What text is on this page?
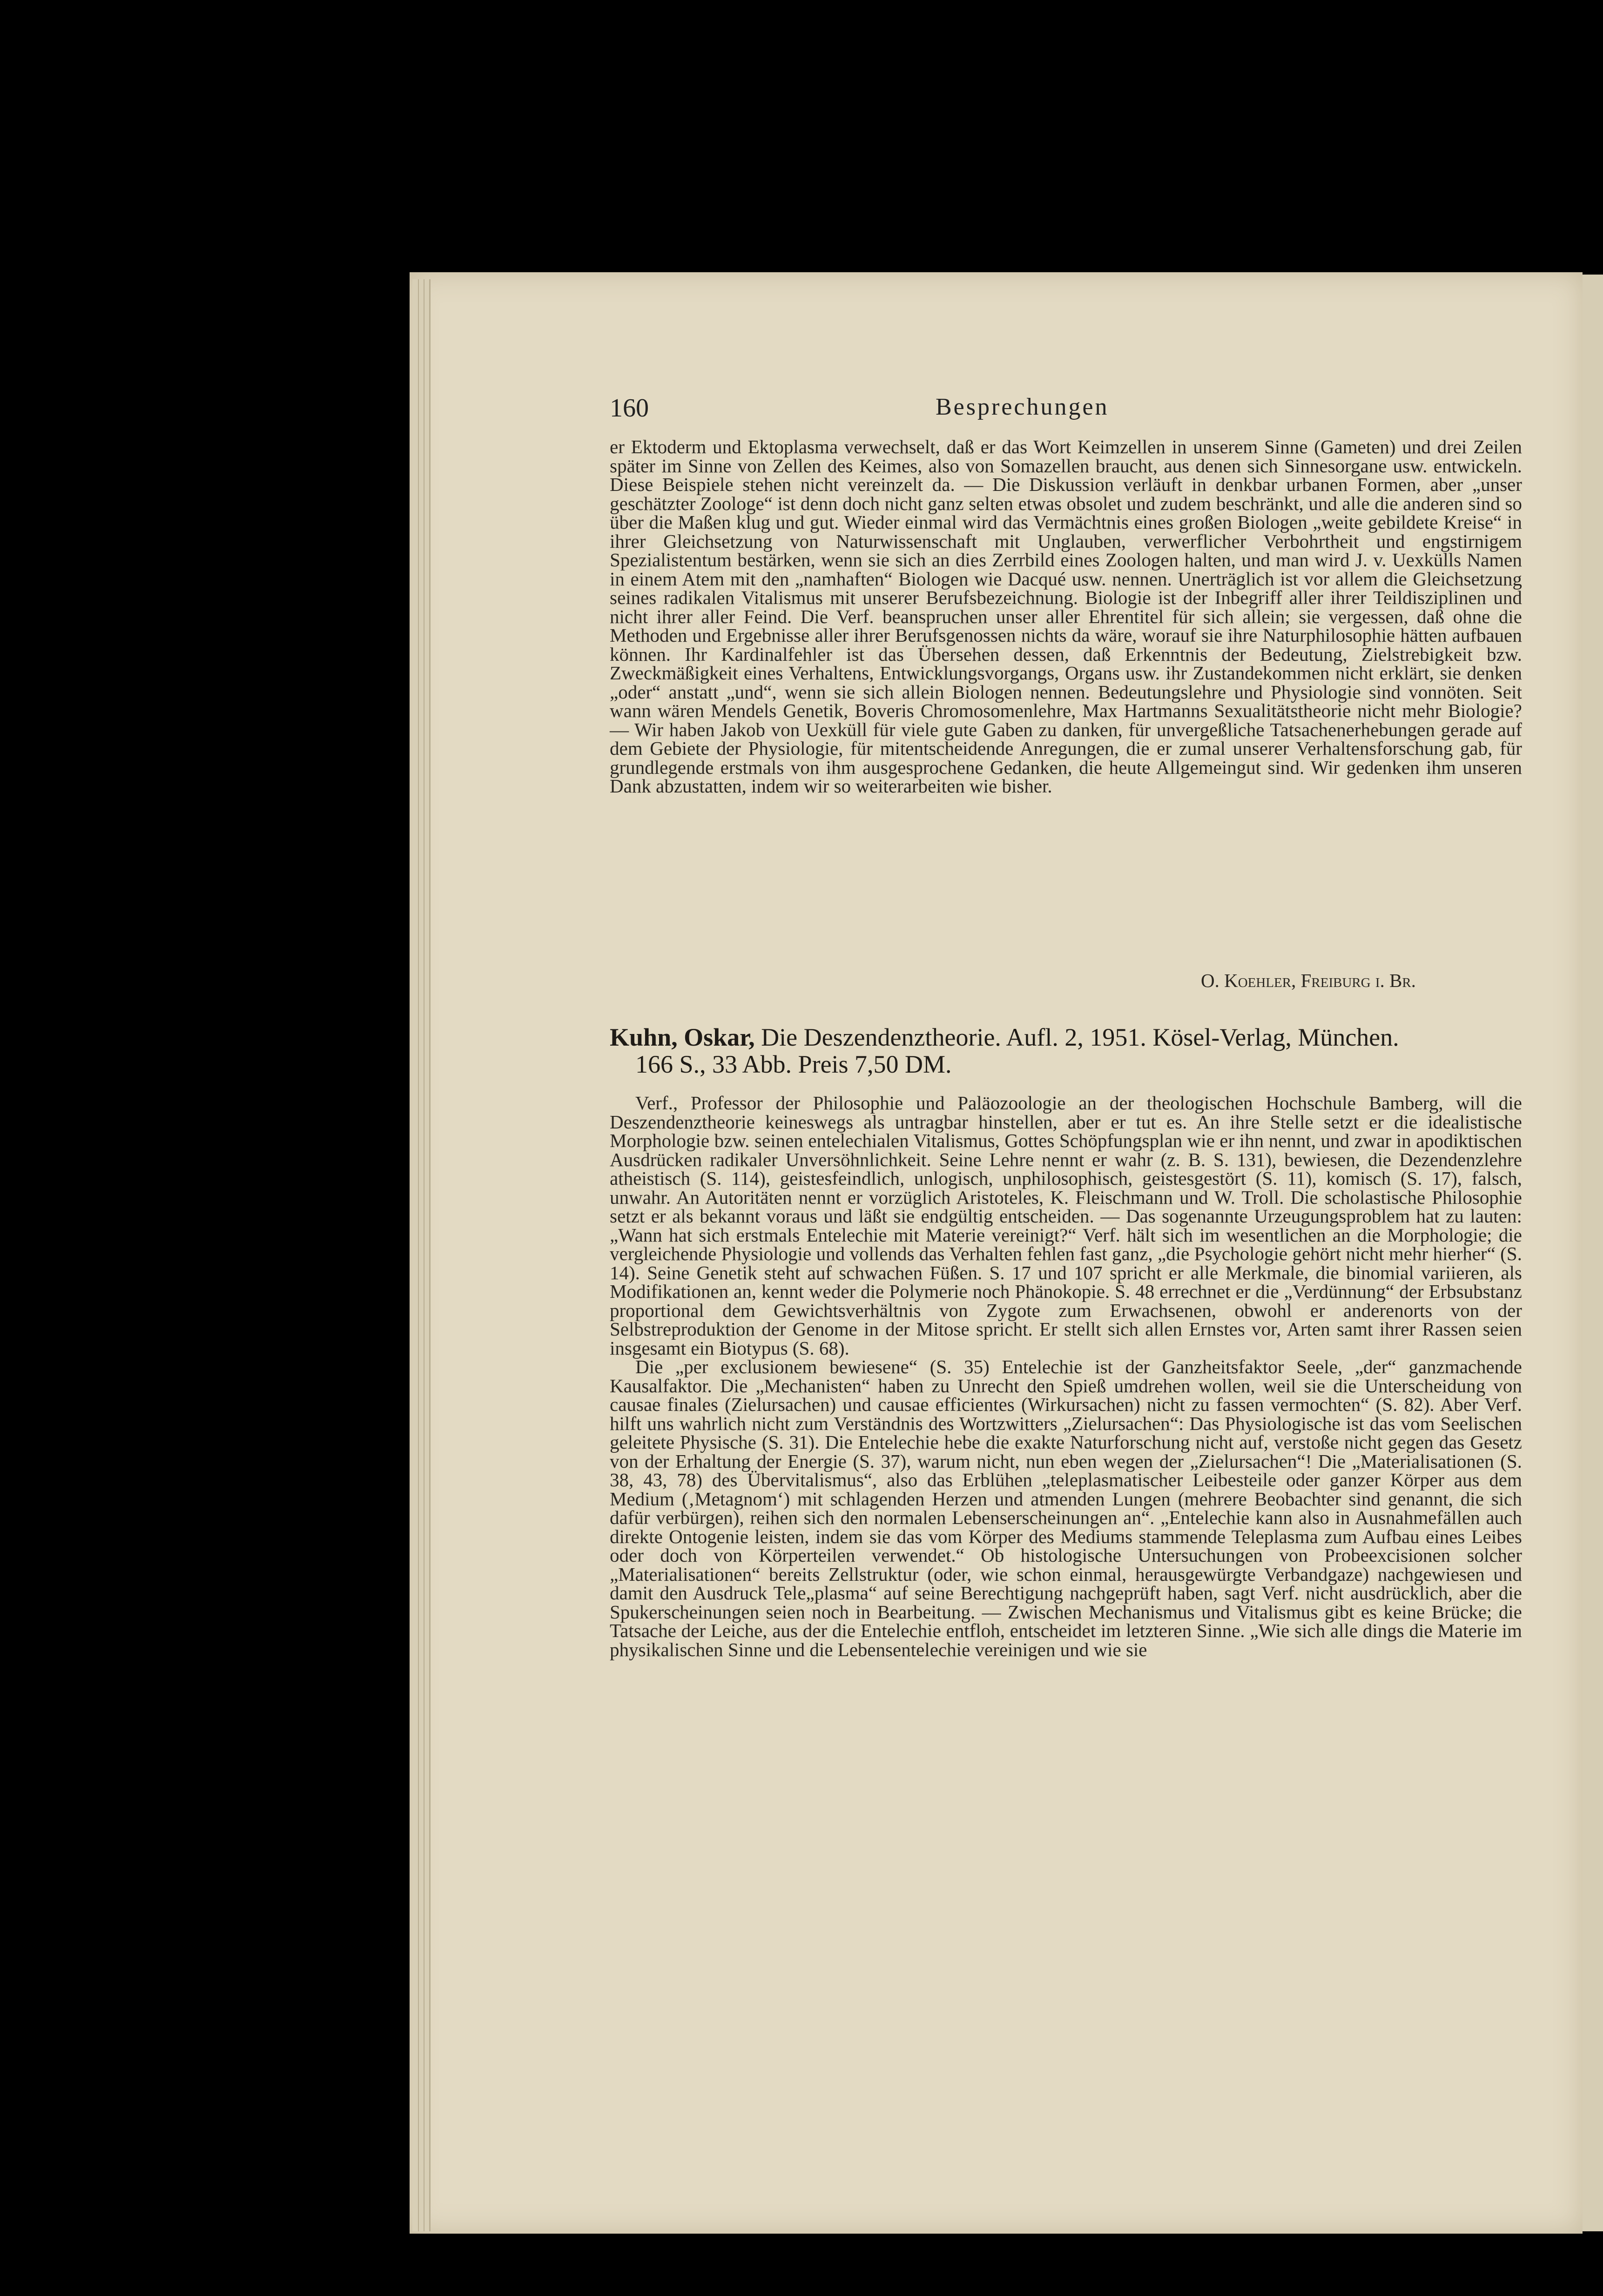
160	Besprechungen

er Ektoderm und Ektoplasma verwechselt, daß er das Wort Keimzellen in unserem Sinne (Gameten) und drei Zeilen später im Sinne von Zellen des Keimes, also von Somazellen braucht, aus denen sich Sinnesorgane usw. entwickeln. Diese Beispiele stehen nicht vereinzelt da. — Die Diskussion verläuft in denkbar urbanen Formen, aber „unser geschätzter Zoologe“ ist denn doch nicht ganz selten etwas obsolet und zudem beschränkt, und alle die anderen sind so über die Maßen klug und gut. Wieder einmal wird das Vermächtnis eines großen Biologen „weite gebildete Kreise“ in ihrer Gleichsetzung von Naturwissenschaft mit Unglauben, verwerflicher Verbohrtheit und engstirnigem Spezialistentum bestärken, wenn sie sich an dies Zerrbild eines Zoologen halten, und man wird J. v. Uexkülls Namen in einem Atem mit den „namhaften“ Biologen wie Dacqué usw. nennen. Unerträglich ist vor allem die Gleichsetzung seines radikalen Vitalismus mit unserer Berufsbezeichnung. Biologie ist der Inbegriff aller ihrer Teildisziplinen und nicht ihrer aller Feind. Die Verf. beanspruchen unser aller Ehrentitel für sich allein; sie vergessen, daß ohne die Methoden und Ergebnisse aller ihrer Berufsgenossen nichts da wäre, worauf sie ihre Naturphilosophie hätten aufbauen können. Ihr Kardinalfehler ist das Übersehen dessen, daß Erkenntnis der Bedeutung, Zielstrebigkeit bzw. Zweckmäßigkeit eines Verhaltens, Entwicklungsvorgangs, Organs usw. ihr Zustandekommen nicht erklärt, sie denken „oder“ anstatt „und“, wenn sie sich allein Biologen nennen. Bedeutungslehre und Physiologie sind vonnöten. Seit wann wären Mendels Genetik, Boveris Chromosomenlehre, Max Hartmanns Sexualitätstheorie nicht mehr Biologie? — Wir haben Jakob von Uexküll für viele gute Gaben zu danken, für unvergeßliche Tatsachenerhebungen gerade auf dem Gebiete der Physiologie, für mitentscheidende Anregungen, die er zumal unserer Verhaltensforschung gab, für grundlegende erstmals von ihm ausgesprochene Gedanken, die heute Allgemeingut sind. Wir gedenken ihm unseren Dank abzustatten, indem wir so weiterarbeiten wie bisher.

O. Koehler, Freiburg i. Br.
Kuhn, Oskar, Die Deszendenztheorie. Aufl. 2, 1951. Kösel-Verlag, München.
166 S., 33 Abb. Preis 7,50 DM.

Verf., Professor der Philosophie und Paläozoologie an der theologischen Hochschule Bamberg, will die Deszendenztheorie keineswegs als untragbar hinstellen, aber er tut es. An ihre Stelle setzt er die idealistische Morphologie bzw. seinen entelechialen Vitalismus, Gottes Schöpfungsplan wie er ihn nennt, und zwar in apodiktischen Ausdrücken radikaler Unversöhnlichkeit. Seine Lehre nennt er wahr (z. B. S. 131), bewiesen, die Dezendenzlehre atheistisch (S. 114), geistesfeindlich, unlogisch, unphilosophisch, geistesgestört (S. 11), komisch (S. 17), falsch, unwahr. An Autoritäten nennt er vorzüglich Aristoteles, K. Fleischmann und W. Troll. Die scholastische Philosophie setzt er als bekannt voraus und läßt sie endgültig entscheiden. — Das sogenannte Urzeugungsproblem hat zu lauten: „Wann hat sich erstmals Entelechie mit Materie vereinigt?“ Verf. hält sich im wesentlichen an die Morphologie; die vergleichende Physiologie und vollends das Verhalten fehlen fast ganz, „die Psychologie gehört nicht mehr hierher“ (S. 14). Seine Genetik steht auf schwachen Füßen. S. 17 und 107 spricht er alle Merkmale, die binomial variieren, als Modifikationen an, kennt weder die Polymerie noch Phänokopie. S. 48 errechnet er die „Verdünnung“ der Erbsubstanz proportional dem Gewichtsverhältnis von Zygote zum Erwachsenen, obwohl er anderenorts von der Selbstreproduktion der Genome in der Mitose spricht. Er stellt sich allen Ernstes vor, Arten samt ihrer Rassen seien insgesamt ein Biotypus (S. 68).

Die „per exclusionem bewiesene“ (S. 35) Entelechie ist der Ganzheitsfaktor Seele, „der“ ganzmachende Kausalfaktor. Die „Mechanisten“ haben zu Unrecht den Spieß umdrehen wollen, weil sie die Unterscheidung von causae finales (Zielursachen) und causae efficientes (Wirkursachen) nicht zu fassen vermochten“ (S. 82). Aber Verf. hilft uns wahrlich nicht zum Verständnis des Wortzwitters „Zielursachen“: Das Physiologische ist das vom Seelischen geleitete Physische (S. 31). Die Entelechie hebe die exakte Naturforschung nicht auf, verstoße nicht gegen das Gesetz von der Erhaltung der Energie (S. 37), warum nicht, nun eben wegen der „Zielursachen“! Die „Materialisationen (S. 38, 43, 78) des Übervitalismus“, also das Erblühen „teleplasmatischer Leibesteile oder ganzer Körper aus dem Medium (‚Metagnom‘) mit schlagenden Herzen und atmenden Lungen (mehrere Beobachter sind genannt, die sich dafür verbürgen), reihen sich den normalen Lebenserscheinungen an“. „Entelechie kann also in Ausnahmefällen auch direkte Ontogenie leisten, indem sie das vom Körper des Mediums stammende Teleplasma zum Aufbau eines Leibes oder doch von Körperteilen verwendet.“ Ob histologische Untersuchungen von Probeexcisionen solcher „Materialisationen“ bereits Zellstruktur (oder, wie schon einmal, herausgewürgte Verbandgaze) nachgewiesen und damit den Ausdruck Tele„plasma“ auf seine Berechtigung nachgeprüft haben, sagt Verf. nicht ausdrücklich, aber die Spukerscheinungen seien noch in Bearbeitung. — Zwischen Mechanismus und Vitalismus gibt es keine Brücke; die Tatsache der Leiche, aus der die Entelechie entfloh, entscheidet im letzteren Sinne. „Wie sich alle dings die Materie im physikalischen Sinne und die Lebensentelechie vereinigen und wie sie
